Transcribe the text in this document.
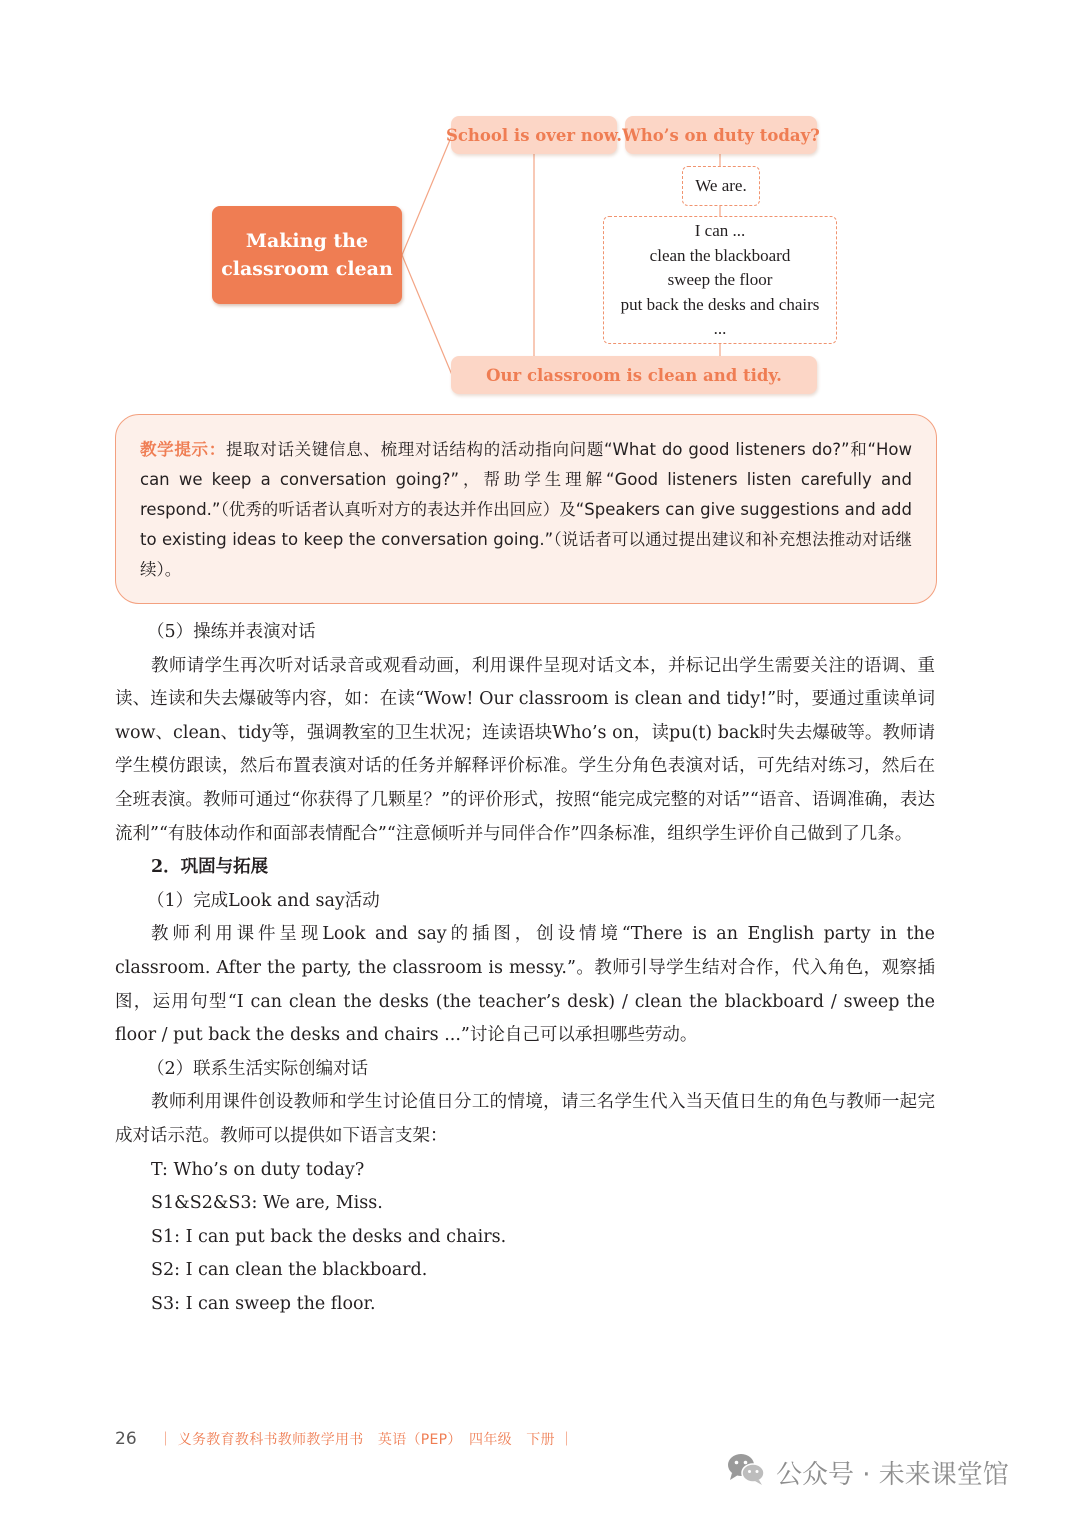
Making the
classroom clean
School is over now. Who’s on duty today?
We are.
I can ...
clean the blackboard
sweep the floor
put back the desks and chairs
...
Our classroom is clean and tidy.
教学提示：提取对话关键信息、梳理对话结构的活动指向问题“What do good listeners do?”和“How can we keep a conversation going?”，帮助学生理解“Good listeners listen carefully and respond.”（优秀的听话者认真听对方的表达并作出回应）及“Speakers can give suggestions and add to existing ideas to keep the conversation going.”（说话者可以通过提出建议和补充想法推动对话继续）。

（5）操练并表演对话

教师请学生再次听对话录音或观看动画，利用课件呈现对话文本，并标记出学生需要关注的语调、重读、连读和失去爆破等内容，如：在读“Wow! Our classroom is clean and tidy!”时，要通过重读单词wow、clean、tidy等，强调教室的卫生状况；连读语块Who’s on，读pu(t) back时失去爆破等。教师请学生模仿跟读，然后布置表演对话的任务并解释评价标准。学生分角色表演对话，可先结对练习，然后在全班表演。教师可通过“你获得了几颗星？”的评价形式，按照“能完成完整的对话”“语音、语调准确，表达流利”“有肢体动作和面部表情配合”“注意倾听并与同伴合作”四条标准，组织学生评价自己做到了几条。

2．巩固与拓展

（1）完成Look and say活动

教师利用课件呈现Look and say的插图，创设情境“There is an English party in the classroom. After the party, the classroom is messy.”。教师引导学生结对合作，代入角色，观察插图，运用句型“I can clean the desks (the teacher’s desk) / clean the blackboard / sweep the floor / put back the desks and chairs ...”讨论自己可以承担哪些劳动。

（2）联系生活实际创编对话

教师利用课件创设教师和学生讨论值日分工的情境，请三名学生代入当天值日生的角色与教师一起完成对话示范。教师可以提供如下语言支架：

T: Who’s on duty today?

S1&S2&S3: We are, Miss.

S1: I can put back the desks and chairs.

S2: I can clean the blackboard.

S3: I can sweep the floor.

26 ｜ 义务教育教科书教师教学用书　英语（PEP）　四年级　下册 ｜
公众号 · 未来课堂馆
